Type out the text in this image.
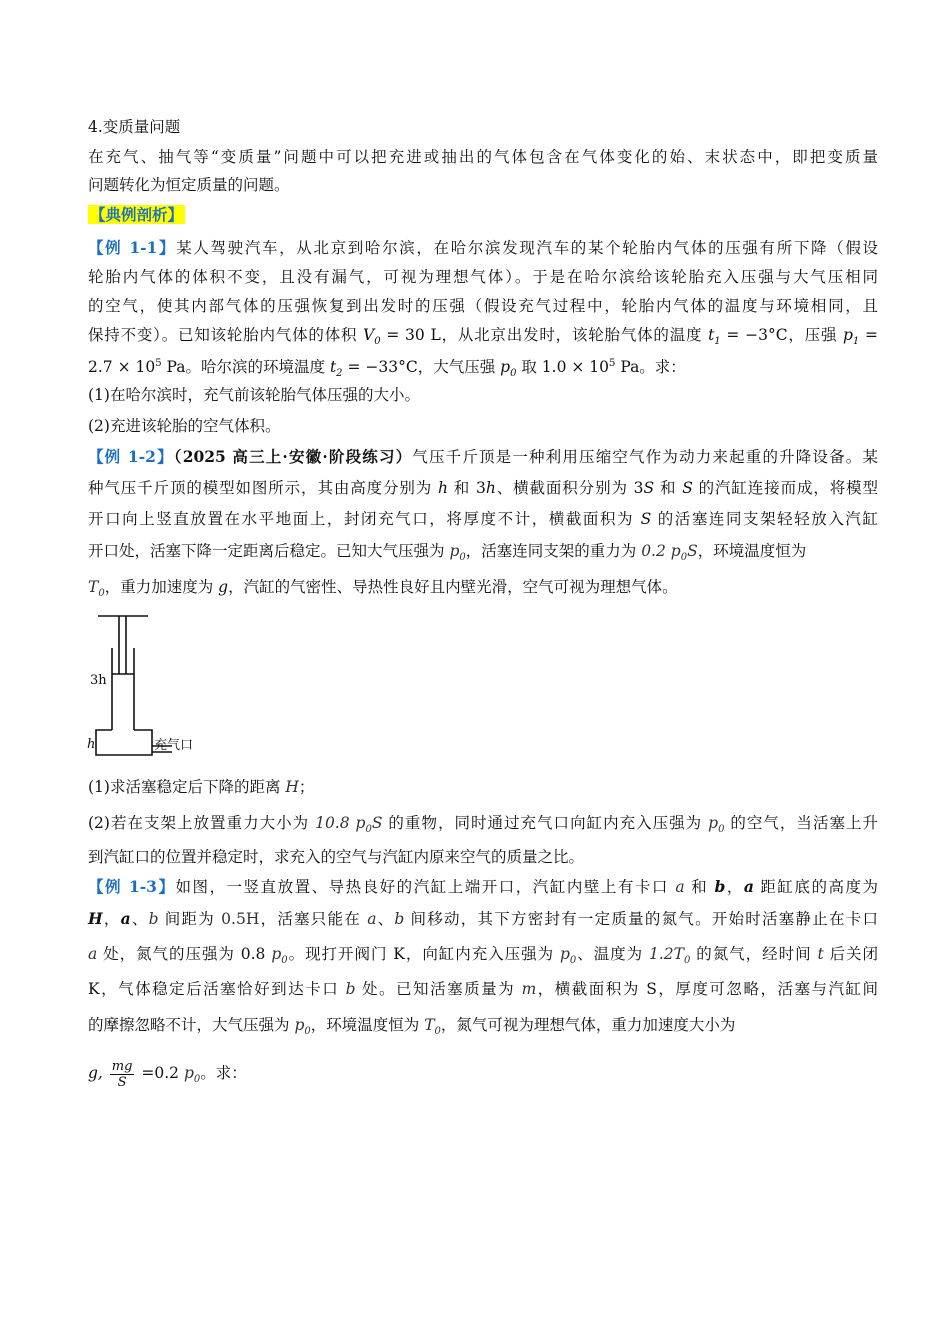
4.变质量问题
在充气、抽气等“变质量”问题中可以把充进或抽出的气体包含在气体变化的始、末状态中，即把变质量
问题转化为恒定质量的问题。
【典例剖析】
【例 1-1】某人驾驶汽车，从北京到哈尔滨，在哈尔滨发现汽车的某个轮胎内气体的压强有所下降（假设
轮胎内气体的体积不变，且没有漏气，可视为理想气体）。于是在哈尔滨给该轮胎充入压强与大气压相同
的空气，使其内部气体的压强恢复到出发时的压强（假设充气过程中，轮胎内气体的温度与环境相同，且
保持不变）。已知该轮胎内气体的体积 $V_0 = 30$ L，从北京出发时，该轮胎气体的温度 $t_1 = -3^\circ C$，压强 $p_1$ =
$2.7 \times 10^5$ Pa。哈尔滨的环境温度 $t_2 = -33^\circ C$，大气压强 $p_0$ 取 $1.0 \times 10^5$ Pa。求：
(1)在哈尔滨时，充气前该轮胎气体压强的大小。
(2)充进该轮胎的空气体积。
【例 1-2】（2025 高三上·安徽·阶段练习）气压千斤顶是一种利用压缩空气作为动力来起重的升降设备。某
种气压千斤顶的模型如图所示，其由高度分别为 h 和 3h、横截面积分别为 3S 和 S 的汽缸连接而成，将模型
开口向上竖直放置在水平地面上，封闭充气口，将厚度不计，横截面积为 S 的活塞连同支架轻轻放入汽缸
开口处，活塞下降一定距离后稳定。已知大气压强为 $p_0$，活塞连同支架的重力为 0.2 $p_0S$，环境温度恒为
$T_0$，重力加速度为 g，汽缸的气密性、导热性良好且内壁光滑，空气可视为理想气体。
3h
h	充气口
(1)求活塞稳定后下降的距离 H；
(2)若在支架上放置重力大小为 10.8 $p_0S$ 的重物，同时通过充气口向缸内充入压强为 $p_0$ 的空气，当活塞上升
到汽缸口的位置并稳定时，求充入的空气与汽缸内原来空气的质量之比。
【例 1-3】如图，一竖直放置、导热良好的汽缸上端开口，汽缸内壁上有卡口 a 和 b，a 距缸底的高度为
H，a、b 间距为 0.5H，活塞只能在 a、b 间移动，其下方密封有一定质量的氮气。开始时活塞静止在卡口
a 处，氮气的压强为 0.8 $p_0$。现打开阀门 K，向缸内充入压强为 $p_0$、温度为 $1.2T_0$ 的氮气，经时间 t 后关闭
K，气体稳定后活塞恰好到达卡口 b 处。已知活塞质量为 m，横截面积为 S，厚度可忽略，活塞与汽缸间
的摩擦忽略不计，大气压强为 $p_0$，环境温度恒为 $T_0$，氮气可视为理想气体，重力加速度大小为
g, $\frac{mg}{S} =0.2$ $p_0$。求：
